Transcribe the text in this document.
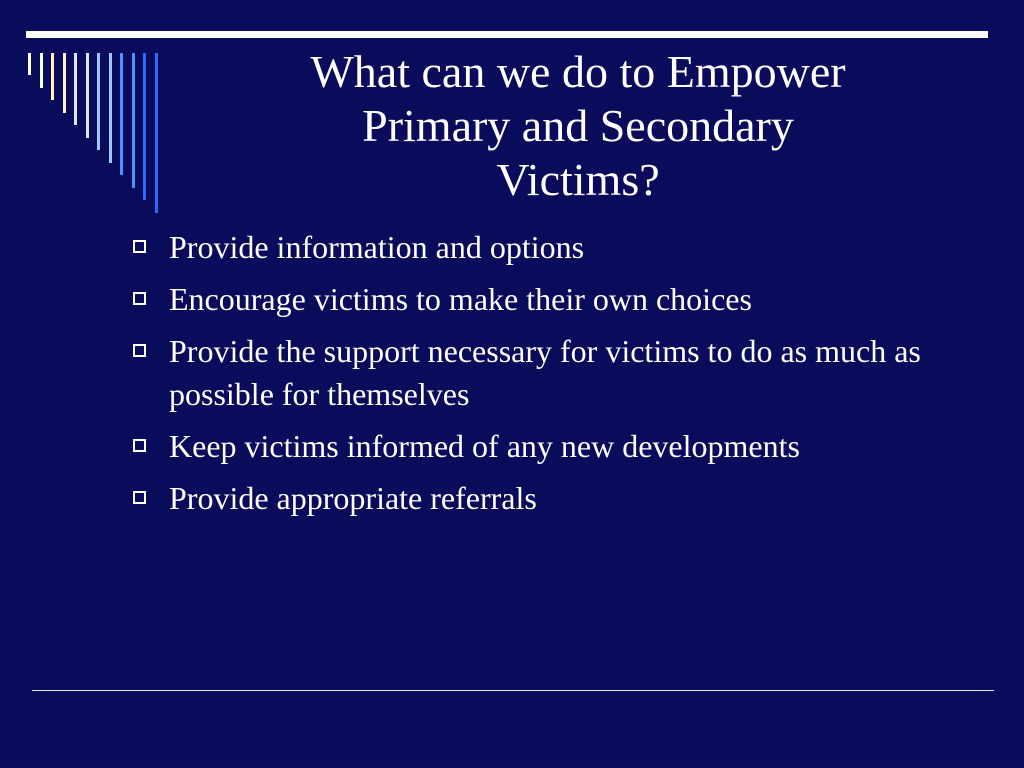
What can we do to Empower
Primary and Secondary
Victims?
Provide information and options
Encourage victims to make their own choices
Provide the support necessary for victims to do as much as possible for themselves
Keep victims informed of any new developments
Provide appropriate referrals
